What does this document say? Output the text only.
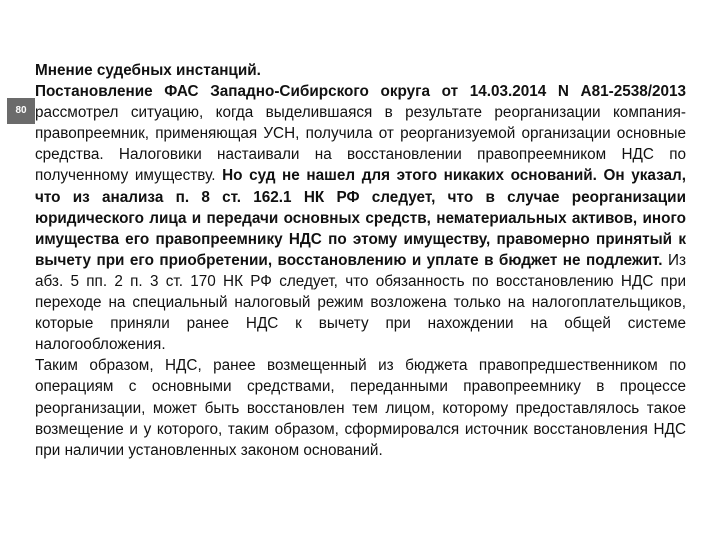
80

Мнение судебных инстанций.

Постановление ФАС Западно-Сибирского округа от 14.03.2014 N А81-2538/2013 рассмотрел ситуацию, когда выделившаяся в результате реорганизации компания-правопреемник, применяющая УСН, получила от реорганизуемой организации основные средства. Налоговики настаивали на восстановлении правопреемником НДС по полученному имуществу. Но суд не нашел для этого никаких оснований. Он указал, что из анализа п. 8 ст. 162.1 НК РФ следует, что в случае реорганизации юридического лица и передачи основных средств, нематериальных активов, иного имущества его правопреемнику НДС по этому имуществу, правомерно принятый к вычету при его приобретении, восстановлению и уплате в бюджет не подлежит. Из абз. 5 пп. 2 п. 3 ст. 170 НК РФ следует, что обязанность по восстановлению НДС при переходе на специальный налоговый режим возложена только на налогоплательщиков, которые приняли ранее НДС к вычету при нахождении на общей системе налогообложения.

Таким образом, НДС, ранее возмещенный из бюджета правопредшественником по операциям с основными средствами, переданными правопреемнику в процессе реорганизации, может быть восстановлен тем лицом, которому предоставлялось такое возмещение и у которого, таким образом, сформировался источник восстановления НДС при наличии установленных законом оснований.
